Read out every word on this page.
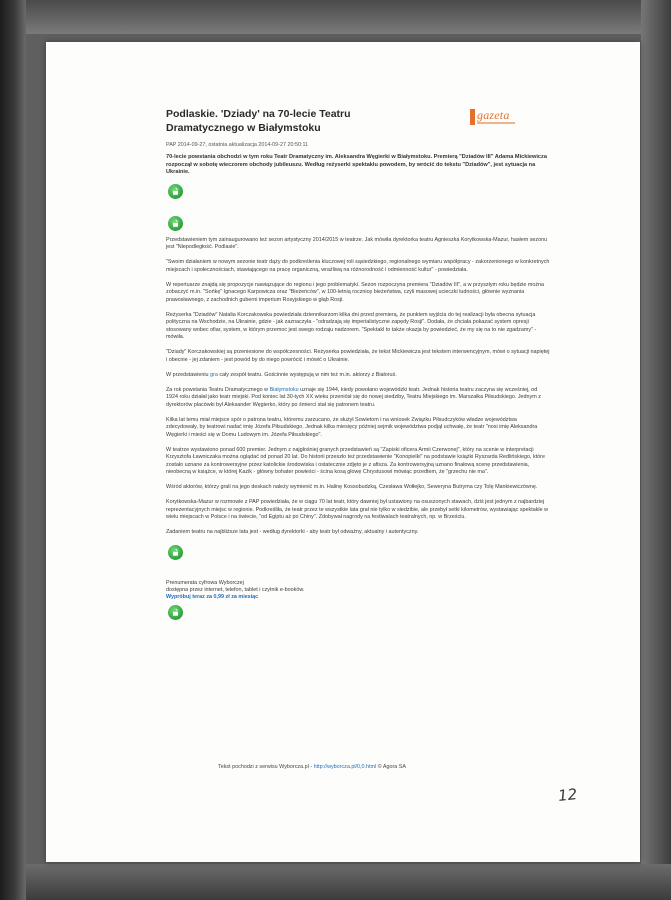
gazeta
Podlaskie. 'Dziady' na 70-lecie Teatru Dramatycznego w Białymstoku
PAP 2014-09-27, ostatnia aktualizacja 2014-09-27 20:50:11
70-lecie powstania obchodzi w tym roku Teatr Dramatyczny im. Aleksandra Węgierki w Białymstoku. Premierą "Dziadów III" Adama Mickiewicza rozpoczął w sobotę wieczorem obchody jubileuszu. Według reżyserki spektaklu powodem, by wrócić do tekstu "Dziadów", jest sytuacja na Ukrainie.

Przedstawieniem tym zainaugurowano też sezon artystyczny 2014/2015 w teatrze. Jak mówiła dyrektorka teatru Agnieszka Korytkowska-Mazur, hasłem sezonu jest "Niepodległość. Podlasie".

"Swoim działaniem w nowym sezonie teatr dąży do podkreślenia kluczowej roli sąsiedzkiego, regionalnego wymiaru współpracy - zakorzenionego w konkretnych miejscach i społecznościach, stawiającego na pracę organiczną, wrażliwą na różnorodność i odmienność kultur" - powiedziała.

W repertuarze znajdą się propozycje nawiązujące do regionu i jego problematyki. Sezon rozpoczyna premiera "Dziadów III", a w przyszłym roku będzie można zobaczyć m.in. "Sońkę" Ignacego Karpowicza oraz "Bieżeńców", w 100-letnią rocznicę bieżeństwa, czyli masowej ucieczki ludności, głównie wyznania prawosławnego, z zachodnich guberni imperium Rosyjskiego w głąb Rosji.

Reżyserka "Dziadów" Natalia Korczakowska powiedziała dziennikarzom kilka dni przed premierą, że punktem wyjścia do tej realizacji była obecna sytuacja polityczna na Wschodzie, na Ukrainie, gdzie - jak zaznaczyła - "odradzają się imperialistyczne zapędy Rosji". Dodała, że chciała pokazać system opresji stosowany wobec ofiar, system, w którym przemoc jest swego rodzaju nadzorem. "Spektakl to także okazja by powiedzieć, że my się na to nie zgadzamy" - mówiła.

"Dziady" Korczakowskiej są przeniesione do współczesności. Reżyserka powiedziała, że tekst Mickiewicza jest tekstem interwencyjnym, mówi o sytuacji napiętej i obecnie - jej zdaniem - jest powód by do niego powrócić i mówić o Ukrainie.

W przedstawieniu gra cały zespół teatru. Gościnnie występują w nim też m.in. aktorzy z Białoruś.

Za rok powstania Teatru Dramatycznego w Białymstoku uznaje się 1944, kiedy powołano wojewódzki teatr. Jednak historia teatru zaczyna się wcześniej, od 1924 roku działał jako teatr miejski. Pod koniec lat 30-tych XX wieku przeniósł się do nowej siedziby, Teatru Miejskiego im. Marszałka Piłsudskiego. Jednym z dyrektorów placówki był Aleksander Węgierko, który po śmierci stał się patronem teatru.

Kilka lat temu miał miejsce spór o patrona teatru, któremu zarzucano, że służył Sowietom i na wniosek Związku Piłsudczyków władze województwa zdecydowały, by teatrowi nadać imię Józefa Piłsudskiego. Jednak kilka miesięcy później sejmik województwa podjął uchwałę, że teatr "nosi imię Aleksandra Węgierki i mieści się w Domu Ludowym im. Józefa Piłsudskiego".

W teatrze wystawiono ponad 600 premier. Jednym z najgłośniej granych przedstawień są "Zapiski oficera Armii Czerwonej", który na scenie w interpretacji Krzysztofa Ławniczaka można oglądać od ponad 20 lat. Do historii przeszło też przedstawienie "Konopielki" na podstawie książki Ryszarda Redlińskiego, które zostało uznane za kontrowersyjne przez katolickie środowiska i ostatecznie zdjęto je z afisza. Za kontrowersyjną uznano finałową scenę przedstawienia, nieobecną w książce, w której Kazik - główny bohater powieści - ścina kosą głowę Chrystusowi mówiąc przedtem, że "grzechu nie ma".

Wśród aktorów, którzy grali na jego deskach należy wymienić m.in. Halinę Kossobudzką, Czesława Wołłejko, Seweryna Butryma czy Tolę Mankiewiczównę.

Korytkowska-Mazur w rozmowie z PAP powiedziała, że w ciągu 70 lat teatr, który dawniej był ustawiony na osuszonych stawach, dziś jest jednym z najbardziej reprezentacyjnych miejsc w regionie. Podkreśliła, że teatr przez te wszystkie lata grał nie tylko w siedzibie, ale przebył setki kilometrów, wystawiając spektakle w wielu miejscach w Polsce i na świecie, "od Egiptu aż po Chiny". Zdobywał nagrody na festiwalach teatralnych, np. w Brześciu.

Zadaniem teatru na najbliższe lata jest - według dyrektorki - aby teatr był odważny, aktualny i autentyczny.

Prenumerata cyfrowa Wyborczej

dostępna przez internet, telefon, tablet i czytnik e-booków.

Wypróbuj teraz za 0,99 zł za miesiąc

Tekst pochodzi z serwisu Wyborcza.pl - http://wyborcza.pl/0,0.html © Agora SA
12
